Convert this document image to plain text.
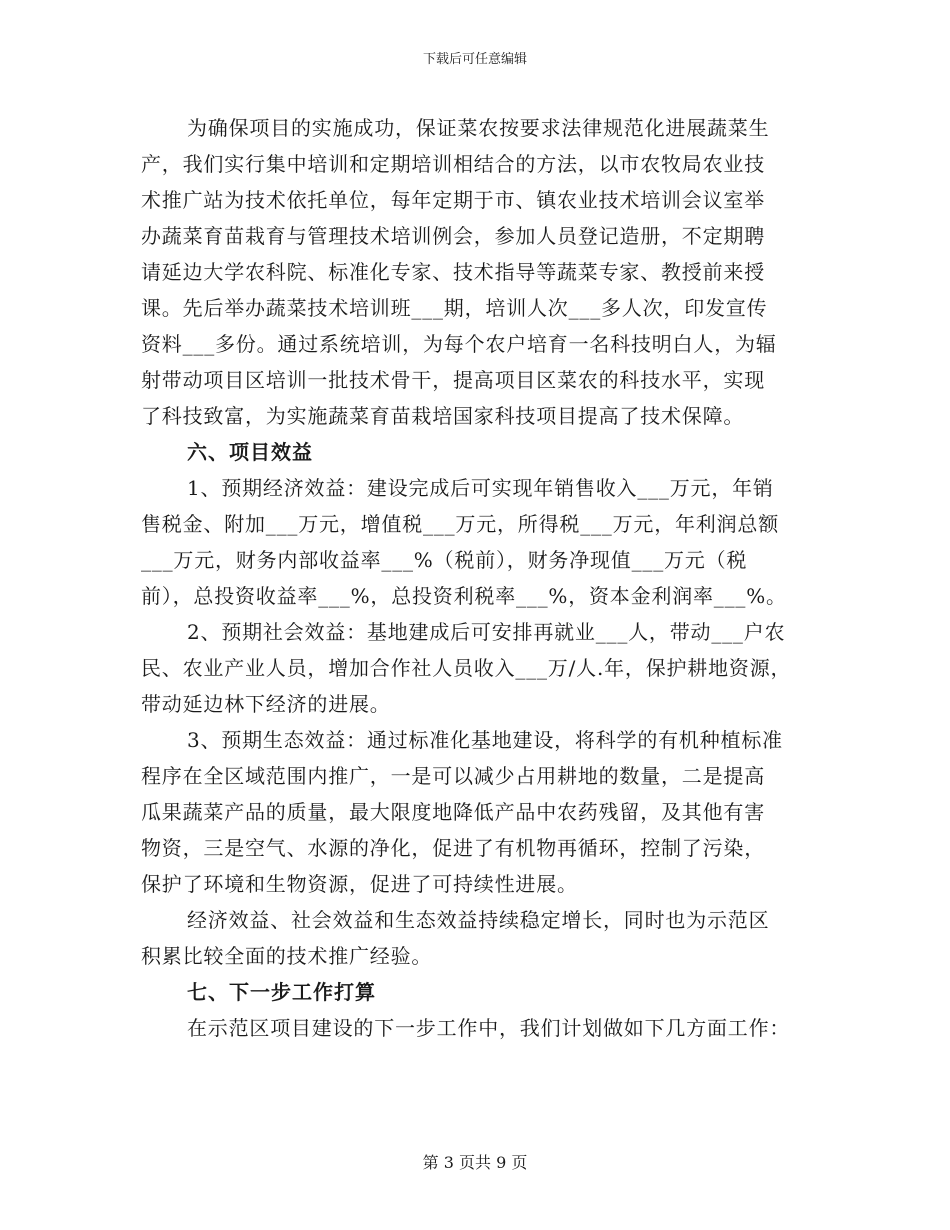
下载后可任意编辑
为确保项目的实施成功，保证菜农按要求法律规范化进展蔬菜生
产，我们实行集中培训和定期培训相结合的方法，以市农牧局农业技
术推广站为技术依托单位，每年定期于市、镇农业技术培训会议室举
办蔬菜育苗栽育与管理技术培训例会，参加人员登记造册，不定期聘
请延边大学农科院、标准化专家、技术指导等蔬菜专家、教授前来授
课。先后举办蔬菜技术培训班___期，培训人次___多人次，印发宣传
资料___多份。通过系统培训，为每个农户培育一名科技明白人，为辐
射带动项目区培训一批技术骨干，提高项目区菜农的科技水平，实现
了科技致富，为实施蔬菜育苗栽培国家科技项目提高了技术保障。
六、项目效益
1、预期经济效益：建设完成后可实现年销售收入___万元，年销
售税金、附加___万元，增值税___万元，所得税___万元，年利润总额
___万元，财务内部收益率___%（税前），财务净现值___万元（税
前），总投资收益率___%，总投资利税率___%，资本金利润率___%。
2、预期社会效益：基地建成后可安排再就业___人，带动___户农
民、农业产业人员，增加合作社人员收入___万/人.年，保护耕地资源，
带动延边林下经济的进展。
3、预期生态效益：通过标准化基地建设，将科学的有机种植标准
程序在全区域范围内推广，一是可以减少占用耕地的数量，二是提高
瓜果蔬菜产品的质量，最大限度地降低产品中农药残留，及其他有害
物资，三是空气、水源的净化，促进了有机物再循环，控制了污染，
保护了环境和生物资源，促进了可持续性进展。
经济效益、社会效益和生态效益持续稳定增长，同时也为示范区
积累比较全面的技术推广经验。
七、下一步工作打算
在示范区项目建设的下一步工作中，我们计划做如下几方面工作：
第 3 页共 9 页
